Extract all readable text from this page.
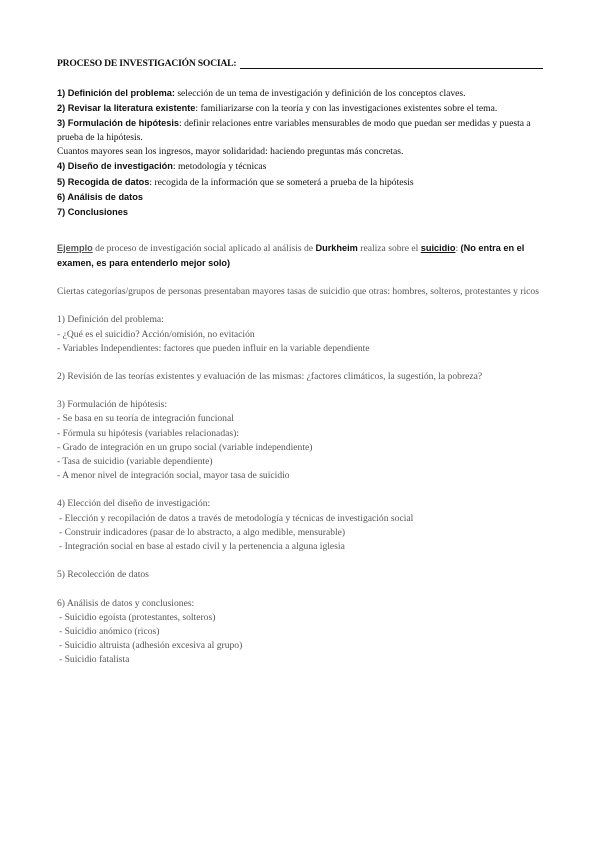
PROCESO DE INVESTIGACIÓN SOCIAL:

1) Definición del problema: selección de un tema de investigación y definición de los conceptos claves.

2) Revisar la literatura existente: familiarizarse con la teoría y con las investigaciones existentes sobre el tema.

3) Formulación de hipótesis: definir relaciones entre variables mensurables de modo que puedan ser medidas y puesta a prueba de la hipótesis.

Cuantos mayores sean los ingresos, mayor solidaridad: haciendo preguntas más concretas.

4) Diseño de investigación: metodología y técnicas

5) Recogida de datos: recogida de la información que se someterá a prueba de la hipótesis

6) Análisis de datos

7) Conclusiones

Ejemplo de proceso de investigación social aplicado al análisis de Durkheim realiza sobre el suicidio: (No entra en el examen, es para entenderlo mejor solo)

Ciertas categorías/grupos de personas presentaban mayores tasas de suicidio que otras: hombres, solteros, protestantes y ricos

1) Definición del problema:

- ¿Qué es el suicidio? Acción/omisión, no evitación

- Variables Independientes: factores que pueden influir en la variable dependiente

2) Revisión de las teorías existentes y evaluación de las mismas: ¿factores climáticos, la sugestión, la pobreza?

3) Formulación de hipótesis:

- Se basa en su teoría de integración funcional

- Fórmula su hipótesis (variables relacionadas):

- Grado de integración en un grupo social (variable independiente)

- Tasa de suicidio (variable dependiente)

- A menor nivel de integración social, mayor tasa de suicidio

4) Elección del diseño de investigación:

- Elección y recopilación de datos a través de metodología y técnicas de investigación social

- Construir indicadores (pasar de lo abstracto, a algo medible, mensurable)

- Integración social en base al estado civil y la pertenencia a alguna iglesia

5) Recolección de datos

6) Análisis de datos y conclusiones:

- Suicidio egoísta (protestantes, solteros)

- Suicidio anómico (ricos)

- Suicidio altruista (adhesión excesiva al grupo)

- Suicidio fatalista
